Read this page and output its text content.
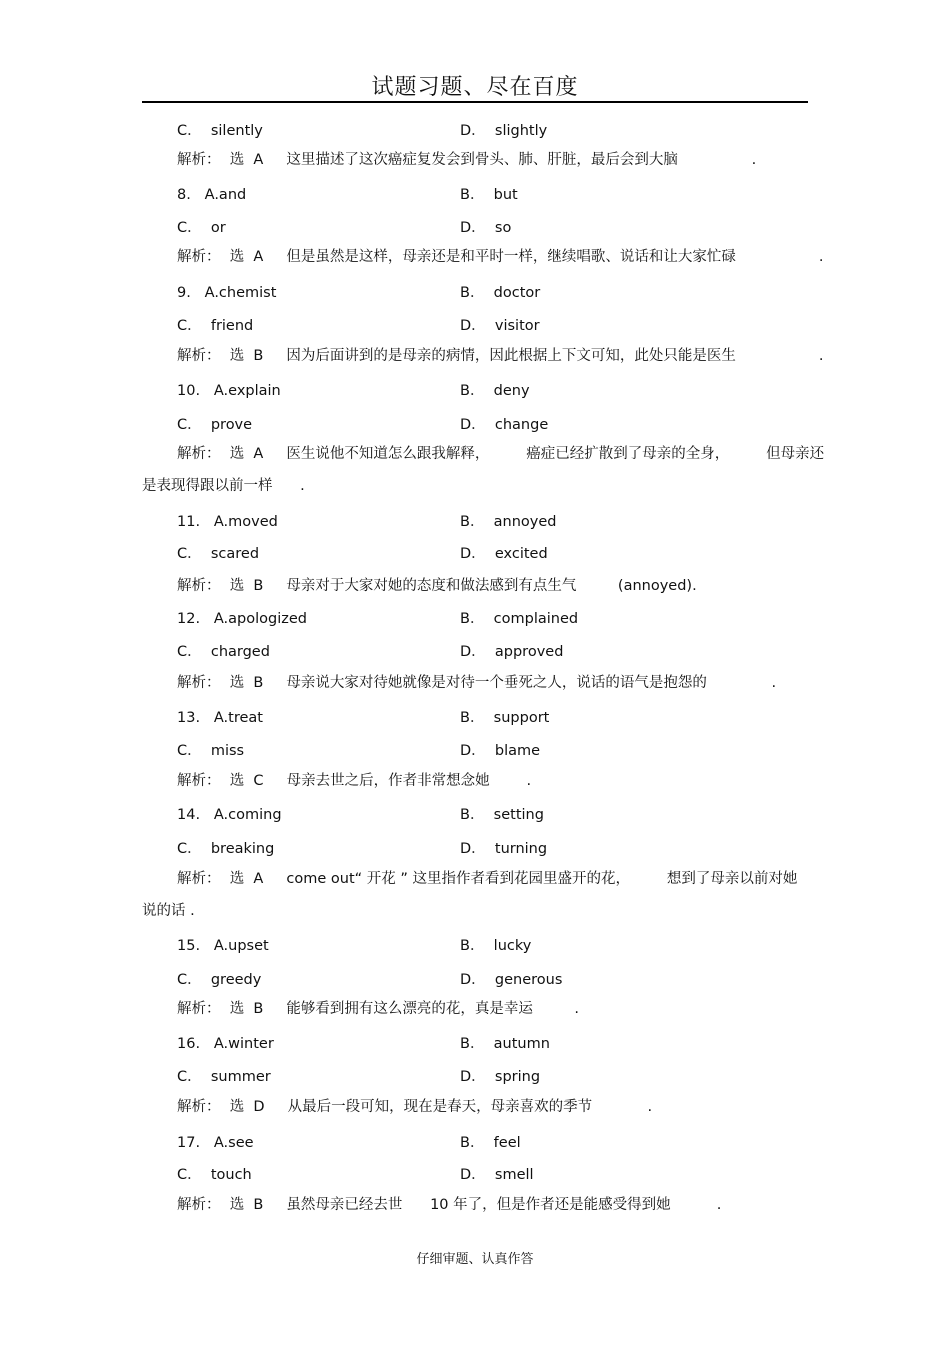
试题习题、尽在百度
C．  silently	D．  slightly
解析：  选  A     这里描述了这次癌症复发会到骨头、肺、肝脏，最后会到大脑                .
8.   A.and	B．  but
C．  or	D．  so
解析：  选  A     但是虽然是这样，母亲还是和平时一样，继续唱歌、说话和让大家忙碌                  .
9.   A.chemist	B．  doctor
C．  friend	D．  visitor
解析：  选  B     因为后面讲到的是母亲的病情，因此根据上下文可知，此处只能是医生                  .
10.   A.explain	B．  deny
C．  prove	D．  change
解析：  选  A     医生说他不知道怎么跟我解释，        癌症已经扩散到了母亲的全身，        但母亲还
是表现得跟以前一样      .
11.   A.moved	B．  annoyed
C．  scared	D．  excited
解析：  选  B     母亲对于大家对她的态度和做法感到有点生气         (annoyed).
12.   A.apologized	B．  complained
C．  charged	D．  approved
解析：  选  B     母亲说大家对待她就像是对待一个垂死之人，说话的语气是抱怨的              .
13.   A.treat	B．  support
C．  miss	D．  blame
解析：  选  C     母亲去世之后，作者非常想念她        .
14.   A.coming	B．  setting
C．  breaking	D．  turning
解析：  选  A     come out“ 开花 ” 这里指作者看到花园里盛开的花，        想到了母亲以前对她
说的话 .
15.   A.upset	B．  lucky
C．  greedy	D．  generous
解析：  选  B     能够看到拥有这么漂亮的花，真是幸运         .
16.   A.winter	B．  autumn
C．  summer	D．  spring
解析：  选  D     从最后一段可知，现在是春天，母亲喜欢的季节            .
17.   A.see	B．  feel
C．  touch	D．  smell
解析：  选  B     虽然母亲已经去世      10 年了，但是作者还是能感受得到她          .
仔细审题、认真作答
